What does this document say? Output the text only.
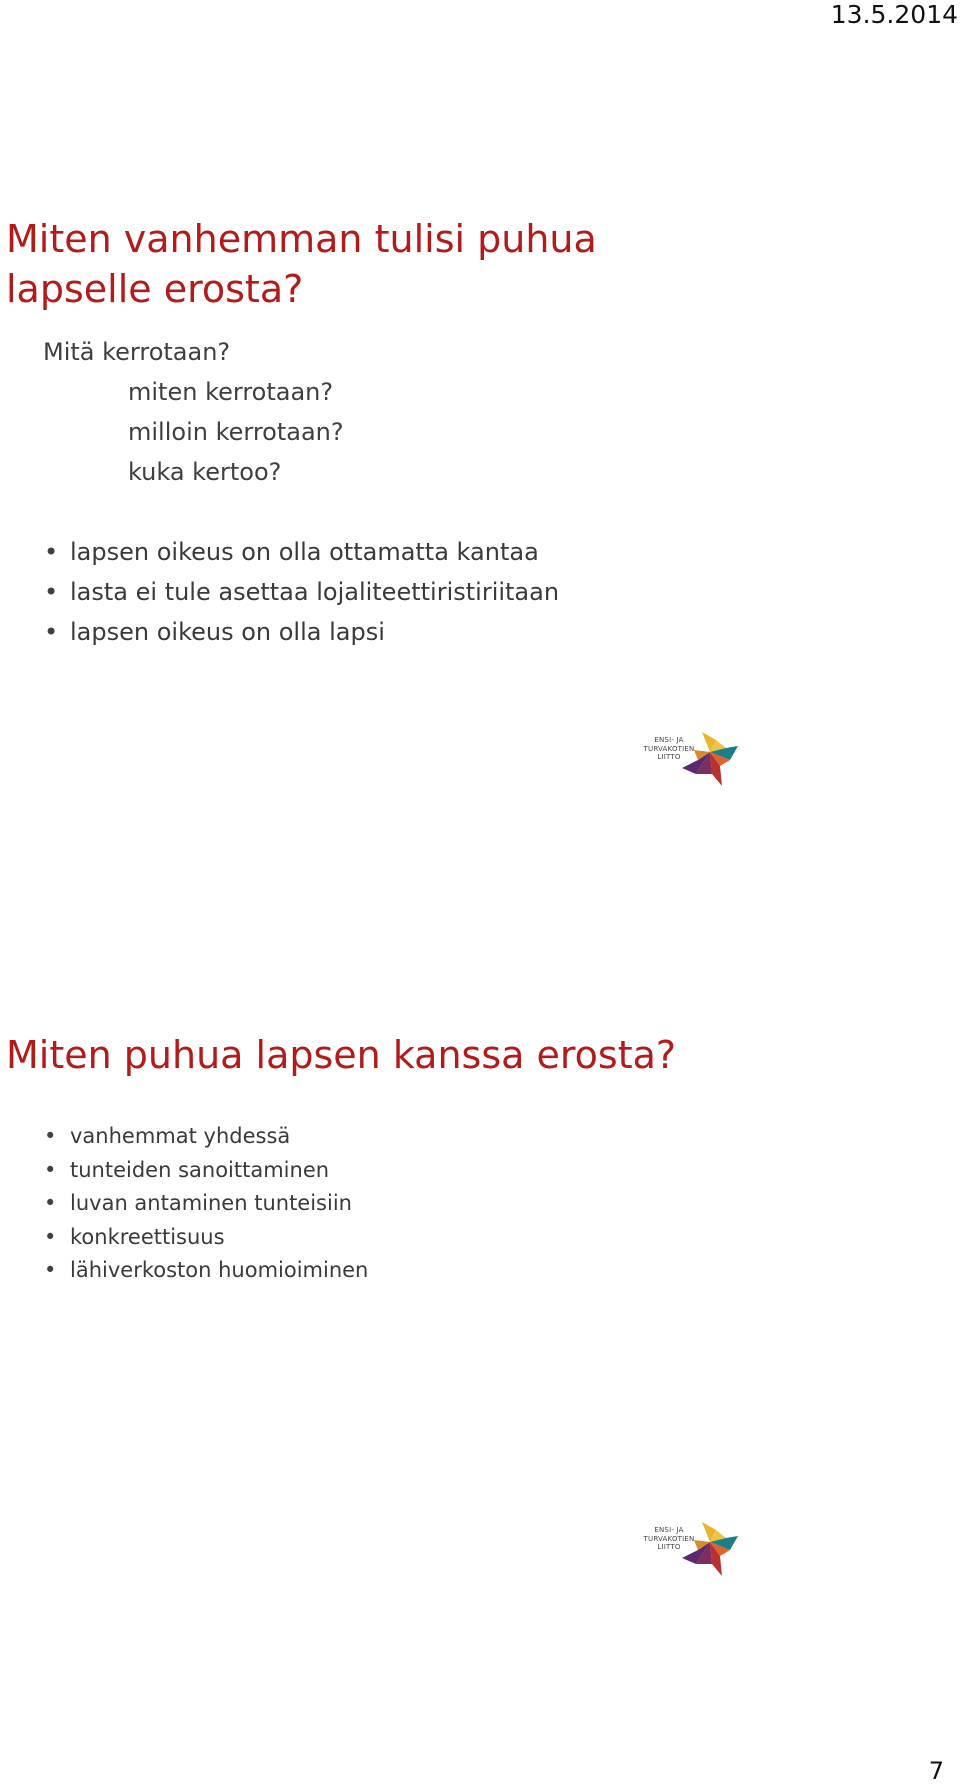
13.5.2014
Miten vanhemman tulisi puhua lapselle erosta?
Mitä kerrotaan?
miten kerrotaan?
milloin kerrotaan?
kuka kertoo?
• lapsen oikeus on olla ottamatta kantaa
• lasta ei tule asettaa lojaliteettiristiriitaan
• lapsen oikeus on olla lapsi
ENSI- JA
TURVAKOTIEN
LIITTO
Miten puhua lapsen kanssa erosta?
• vanhemmat yhdessä
• tunteiden sanoittaminen
• luvan antaminen tunteisiin
• konkreettisuus
• lähiverkoston huomioiminen
ENSI- JA
TURVAKOTIEN
LIITTO
7
